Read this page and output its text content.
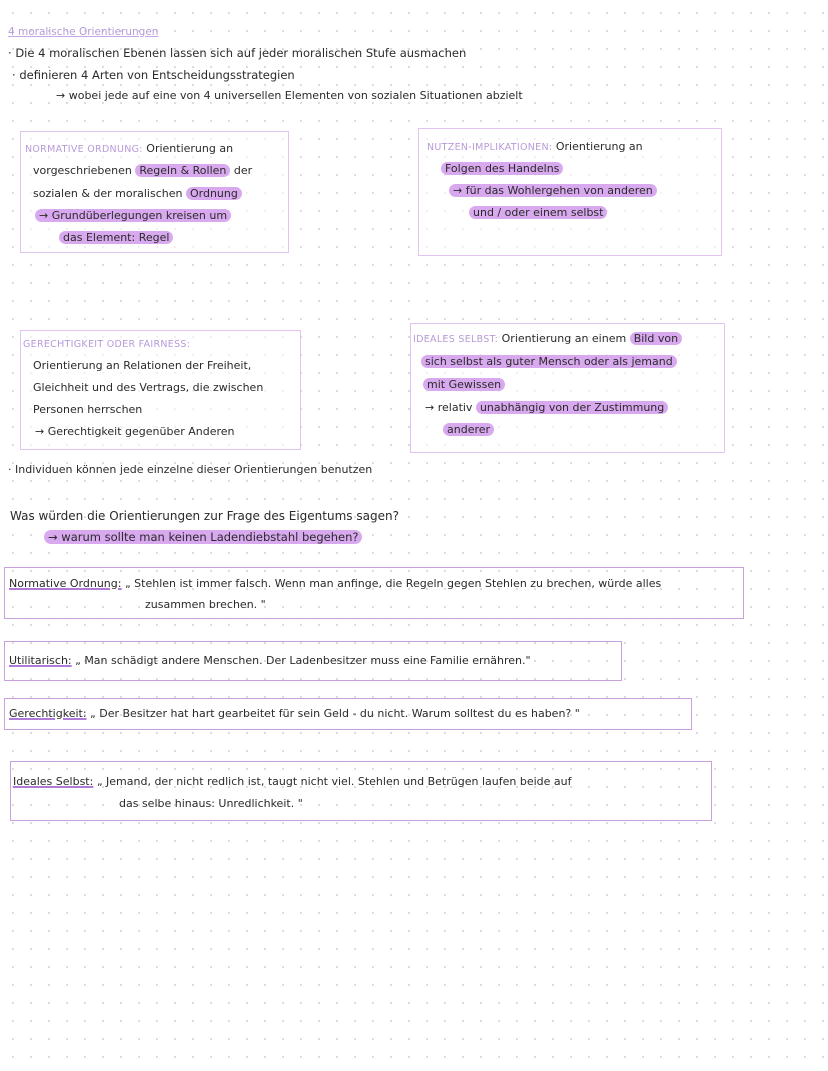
4 moralische Orientierungen
· Die 4 moralischen Ebenen lassen sich auf jeder moralischen Stufe ausmachen
· definieren 4 Arten von Entscheidungsstrategien
→ wobei jede auf eine von 4 universellen Elementen von sozialen Situationen abzielt
NORMATIVE ORDNUNG: Orientierung an
vorgeschriebenen Regeln & Rollen der
sozialen & der moralischen Ordnung
→ Grundüberlegungen kreisen um
das Element: Regel
NUTZEN-IMPLIKATIONEN: Orientierung an
Folgen des Handelns
→ für das Wohlergehen von anderen
und / oder einem selbst
GERECHTIGKEIT ODER FAIRNESS:
Orientierung an Relationen der Freiheit,
Gleichheit und des Vertrags, die zwischen
Personen herrschen
→ Gerechtigkeit gegenüber Anderen
IDEALES SELBST: Orientierung an einem Bild von
sich selbst als guter Mensch oder als jemand
mit Gewissen
→ relativ unabhängig von der Zustimmung
anderer
· Individuen können jede einzelne dieser Orientierungen benutzen
Was würden die Orientierungen zur Frage des Eigentums sagen?
→ warum sollte man keinen Ladendiebstahl begehen?
Normative Ordnung: „ Stehlen ist immer falsch. Wenn man anfinge, die Regeln gegen Stehlen zu brechen, würde alles
zusammen brechen. "
Utilitarisch: „ Man schädigt andere Menschen. Der Ladenbesitzer muss eine Familie ernähren."
Gerechtigkeit: „ Der Besitzer hat hart gearbeitet für sein Geld - du nicht. Warum solltest du es haben? "
Ideales Selbst: „ Jemand, der nicht redlich ist, taugt nicht viel. Stehlen und Betrügen laufen beide auf
das selbe hinaus: Unredlichkeit. "
